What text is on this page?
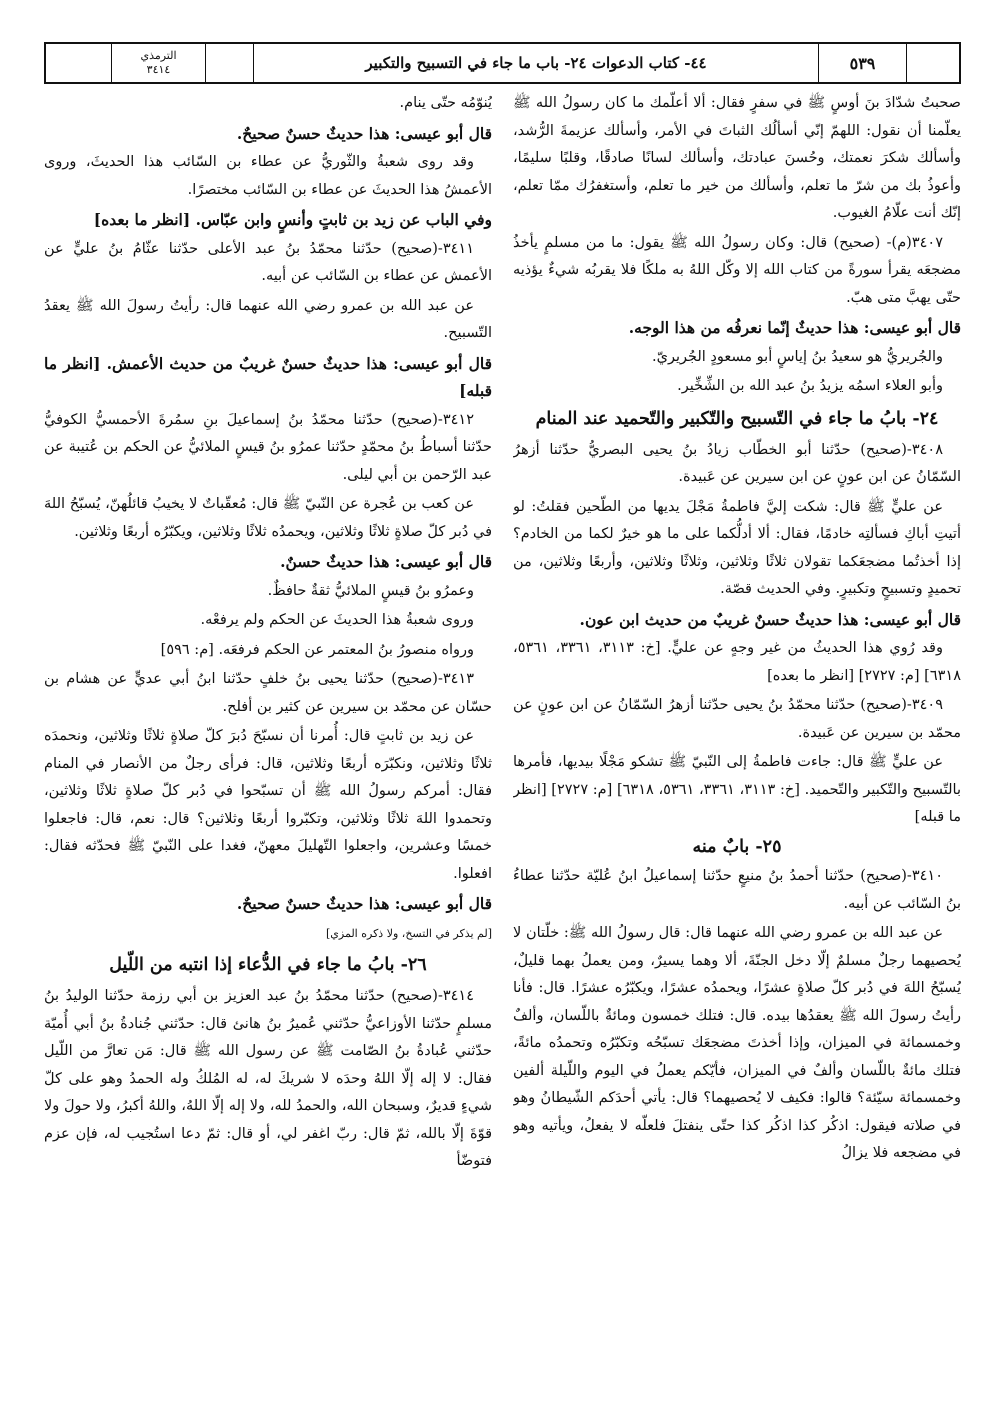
الترمذي
٣٤١٤	٤٤- كتاب الدعوات ٢٤- باب ما جاء في التسبيح والتكبير	٥٣٩

صحبتُ شدّادَ بنَ أوسٍ ﷺ في سفرٍ فقال: ألا أعلّمك ما كان رسولُ الله ﷺ يعلّمنا أن نقول: اللهمّ إنّي أسألُك الثباتَ في الأمر، وأسألك عزيمةَ الرُّشد، وأسألك شكرَ نعمتك، وحُسنَ عبادتك، وأسألك لسانًا صادقًا، وقلبًا سليمًا، وأعوذُ بك من شرّ ما تعلم، وأسألك من خير ما تعلم، وأستغفرُك ممّا تعلم، إنّك أنت علّامُ الغيوب.

٣٤٠٧(م)- (صحيح) قال: وكان رسولُ الله ﷺ يقول: ما من مسلمٍ يأخذُ مضجعَه يقرأ سورةً من كتاب الله إلا وكّل اللهُ به ملكًا فلا يقربُه شيءٌ يؤذيه حتّى يهبَّ متى هبّ.

قال أبو عيسى: هذا حديثٌ إنّما نعرفُه من هذا الوجه.

والجُريريُّ هو سعيدُ بنُ إياسٍ أبو مسعودٍ الجُريريّ.

وأبو العلاء اسمُه يزيدُ بنُ عبد الله بن الشِّخِّير.

٢٤- بابُ ما جاء في التّسبيح والتّكبير والتّحميد عند المنام

٣٤٠٨-(صحيح) حدّثنا أبو الخطّاب زيادُ بنُ يحيى البصريُّ حدّثنا أزهرُ السّمّانُ عن ابن عونٍ عن ابن سيرين عن عَبيدة.

عن عليٍّ ﷺ قال: شكت إليَّ فاطمةُ مَجْلَ يديها من الطّحين فقلتُ: لو أتيتِ أباكِ فسألتِه خادمًا، فقال: ألا أدلُّكما على ما هو خيرٌ لكما من الخادم؟ إذا أخذتُما مضجعَكما تقولان ثلاثًا وثلاثين، وثلاثًا وثلاثين، وأربعًا وثلاثين، من تحميدٍ وتسبيحٍ وتكبيرٍ. وفي الحديث قصّة.

قال أبو عيسى: هذا حديثٌ حسنٌ غريبٌ من حديث ابن عون.

وقد رُوي هذا الحديثُ من غير وجهٍ عن عليٍّ. [خ: ٣١١٣، ٣٣٦١، ٥٣٦١، ٦٣١٨] [م: ٢٧٢٧] [انظر ما بعده]

٣٤٠٩-(صحيح) حدّثنا محمّدُ بنُ يحيى حدّثنا أزهرُ السّمّانُ عن ابن عونٍ عن محمّد بن سيرين عن عَبيدة.

عن عليٍّ ﷺ قال: جاءت فاطمةُ إلى النّبيّ ﷺ تشكو مَجْلًا بيديها، فأمرها بالتّسبيح والتّكبير والتّحميد. [خ: ٣١١٣، ٣٣٦١، ٥٣٦١، ٦٣١٨] [م: ٢٧٢٧] [انظر ما قبله]

٢٥- بابٌ منه

٣٤١٠-(صحيح) حدّثنا أحمدُ بنُ منيعٍ حدّثنا إسماعيلُ ابنُ عُليّة حدّثنا عطاءُ بنُ السّائب عن أبيه.

عن عبد الله بن عمرو رضي الله عنهما قال: قال رسولُ الله ﷺ: خلّتان لا يُحصيهما رجلٌ مسلمٌ إلّا دخل الجنّةَ، ألا وهما يسيرٌ، ومن يعملُ بهما قليلٌ، يُسبّحُ اللهَ في دُبر كلّ صلاةٍ عشرًا، ويحمدُه عشرًا، ويكبّرُه عشرًا. قال: فأنا رأيتُ رسولَ الله ﷺ يعقدُها بيده. قال: فتلك خمسون ومائةٌ باللّسان، وألفٌ وخمسمائة في الميزان، وإذا أخذتَ مضجعَك تسبّحُه وتكبّرُه وتحمدُه مائةً، فتلك مائةٌ باللّسان وألفٌ في الميزان، فأيّكم يعملُ في اليوم واللّيلة ألفين وخمسمائة سيّئة؟ قالوا: فكيف لا يُحصيهما؟ قال: يأتي أحدَكم الشّيطانُ وهو في صلاته فيقول: اذكُر كذا اذكُر كذا حتّى ينفتلَ فلعلّه لا يفعلُ، ويأتيه وهو في مضجعه فلا يزالُ

يُنوّمُه حتّى ينام.

قال أبو عيسى: هذا حديثٌ حسنٌ صحيحٌ.

وقد روى شعبةُ والثّوريُّ عن عطاء بن السّائب هذا الحديثَ، وروى الأعمشُ هذا الحديثَ عن عطاء بن السّائب مختصرًا.

وفي الباب عن زيد بن ثابتٍ وأنسٍ وابن عبّاس. [انظر ما بعده]

٣٤١١-(صحيح) حدّثنا محمّدُ بنُ عبد الأعلى حدّثنا عثّامُ بنُ عليٍّ عن الأعمش عن عطاء بن السّائب عن أبيه.

عن عبد الله بن عمرو رضي الله عنهما قال: رأيتُ رسولَ الله ﷺ يعقدُ التّسبيح.

قال أبو عيسى: هذا حديثٌ حسنٌ غريبٌ من حديث الأعمش. [انظر ما قبله]

٣٤١٢-(صحيح) حدّثنا محمّدُ بنُ إسماعيلَ بنِ سمُرةَ الأحمسيُّ الكوفيُّ حدّثنا أسباطُ بنُ محمّدٍ حدّثنا عمرُو بنُ قيسٍ الملائيُّ عن الحكم بن عُتيبة عن عبد الرّحمن بن أبي ليلى.

عن كعب بن عُجرة عن النّبيّ ﷺ قال: مُعقّباتٌ لا يخيبُ قائلُهنّ، يُسبّحُ اللهَ في دُبر كلّ صلاةٍ ثلاثًا وثلاثين، ويحمدُه ثلاثًا وثلاثين، ويكبّرُه أربعًا وثلاثين.

قال أبو عيسى: هذا حديثٌ حسنٌ.

وعمرُو بنُ قيسٍ الملائيُّ ثقةٌ حافظٌ.

وروى شعبةُ هذا الحديثَ عن الحكم ولم يرفعْه.

ورواه منصورُ بنُ المعتمر عن الحكم فرفعَه. [م: ٥٩٦]

٣٤١٣-(صحيح) حدّثنا يحيى بنُ خلفٍ حدّثنا ابنُ أبي عديٍّ عن هشام بن حسّان عن محمّد بن سيرين عن كثير بن أفلح.

عن زيد بن ثابتٍ قال: أُمرنا أن نسبّحَ دُبرَ كلّ صلاةٍ ثلاثًا وثلاثين، ونحمدَه ثلاثًا وثلاثين، ونكبّرَه أربعًا وثلاثين، قال: فرأى رجلٌ من الأنصار في المنام فقال: أمركم رسولُ الله ﷺ أن تسبّحوا في دُبر كلّ صلاةٍ ثلاثًا وثلاثين، وتحمدوا اللهَ ثلاثًا وثلاثين، وتكبّروا أربعًا وثلاثين؟ قال: نعم، قال: فاجعلوا خمسًا وعشرين، واجعلوا التّهليلَ معهنّ، فغدا على النّبيّ ﷺ فحدّثه فقال: افعلوا.

قال أبو عيسى: هذا حديثٌ حسنٌ صحيحٌ.

[لم يذكر في التسخ، ولا ذكره المزي]

٢٦- بابُ ما جاء في الدُّعاء إذا انتبه من اللّيل

٣٤١٤-(صحيح) حدّثنا محمّدُ بنُ عبد العزيز بن أبي رزمة حدّثنا الوليدُ بنُ مسلمٍ حدّثنا الأوزاعيُّ حدّثني عُميرُ بنُ هانئ قال: حدّثني جُنادةُ بنُ أبي أُميّة حدّثني عُبادةُ بنُ الصّامت ﷺ عن رسول الله ﷺ قال: مَن تعارَّ من اللّيل فقال: لا إله إلّا اللهُ وحدَه لا شريكَ له، له المُلكُ وله الحمدُ وهو على كلّ شيءٍ قديرٌ، وسبحان الله، والحمدُ لله، ولا إله إلّا اللهُ، واللهُ أكبرُ، ولا حولَ ولا قوّةَ إلّا بالله، ثمّ قال: ربّ اغفر لي، أو قال: ثمّ دعا استُجيب له، فإن عزم فتوضّأ
